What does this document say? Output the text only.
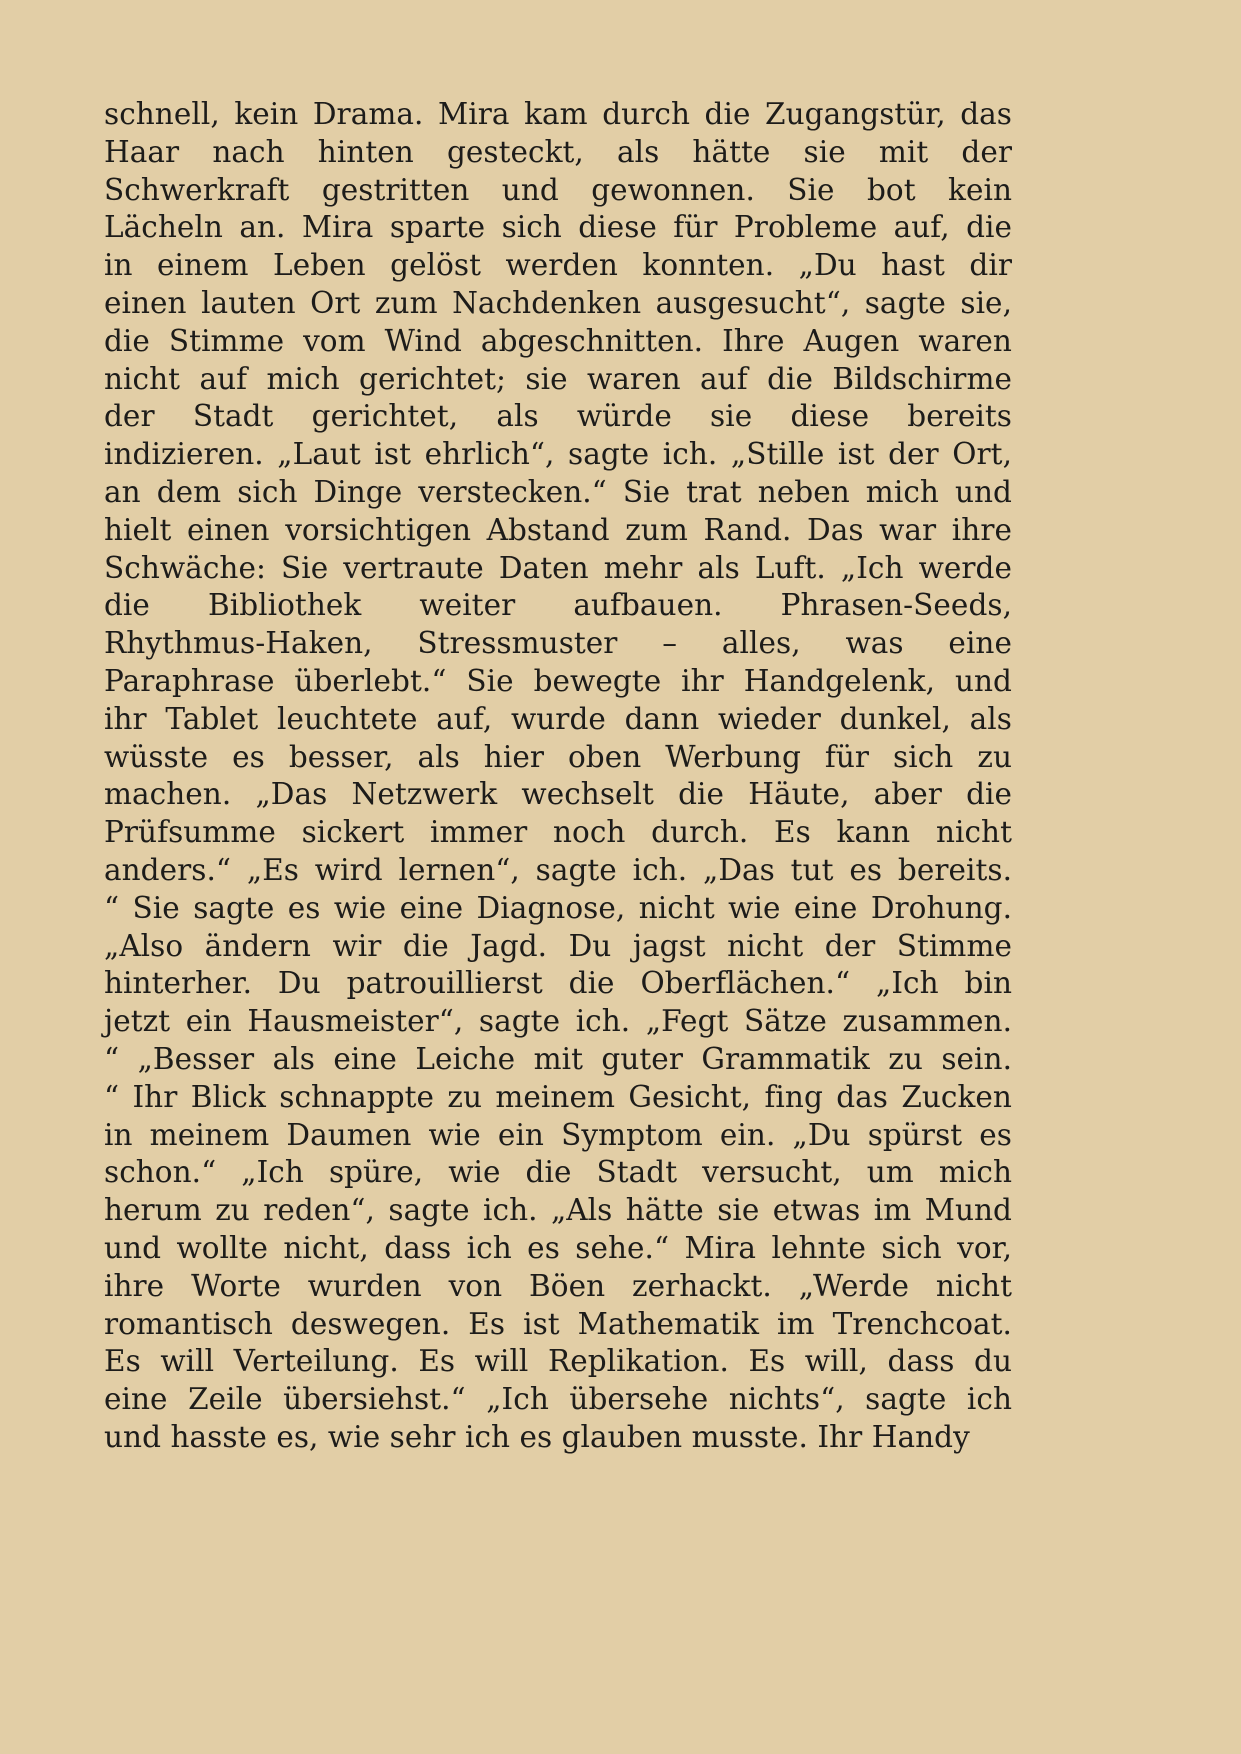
schnell, kein Drama. Mira kam durch die Zugangstür, das
Haar nach hinten gesteckt, als hätte sie mit der
Schwerkraft gestritten und gewonnen. Sie bot kein
Lächeln an. Mira sparte sich diese für Probleme auf, die
in einem Leben gelöst werden konnten. „Du hast dir
einen lauten Ort zum Nachdenken ausgesucht“, sagte sie,
die Stimme vom Wind abgeschnitten. Ihre Augen waren
nicht auf mich gerichtet; sie waren auf die Bildschirme
der Stadt gerichtet, als würde sie diese bereits
indizieren. „Laut ist ehrlich“, sagte ich. „Stille ist der Ort,
an dem sich Dinge verstecken.“ Sie trat neben mich und
hielt einen vorsichtigen Abstand zum Rand. Das war ihre
Schwäche: Sie vertraute Daten mehr als Luft. „Ich werde
die Bibliothek weiter aufbauen. Phrasen-Seeds,
Rhythmus-Haken, Stressmuster – alles, was eine
Paraphrase überlebt.“ Sie bewegte ihr Handgelenk, und
ihr Tablet leuchtete auf, wurde dann wieder dunkel, als
wüsste es besser, als hier oben Werbung für sich zu
machen. „Das Netzwerk wechselt die Häute, aber die
Prüfsumme sickert immer noch durch. Es kann nicht
anders.“ „Es wird lernen“, sagte ich. „Das tut es bereits.
“ Sie sagte es wie eine Diagnose, nicht wie eine Drohung.
„Also ändern wir die Jagd. Du jagst nicht der Stimme
hinterher. Du patrouillierst die Oberflächen.“ „Ich bin
jetzt ein Hausmeister“, sagte ich. „Fegt Sätze zusammen.
“ „Besser als eine Leiche mit guter Grammatik zu sein.
“ Ihr Blick schnappte zu meinem Gesicht, fing das Zucken
in meinem Daumen wie ein Symptom ein. „Du spürst es
schon.“ „Ich spüre, wie die Stadt versucht, um mich
herum zu reden“, sagte ich. „Als hätte sie etwas im Mund
und wollte nicht, dass ich es sehe.“ Mira lehnte sich vor,
ihre Worte wurden von Böen zerhackt. „Werde nicht
romantisch deswegen. Es ist Mathematik im Trenchcoat.
Es will Verteilung. Es will Replikation. Es will, dass du
eine Zeile übersiehst.“ „Ich übersehe nichts“, sagte ich
und hasste es, wie sehr ich es glauben musste. Ihr Handy
